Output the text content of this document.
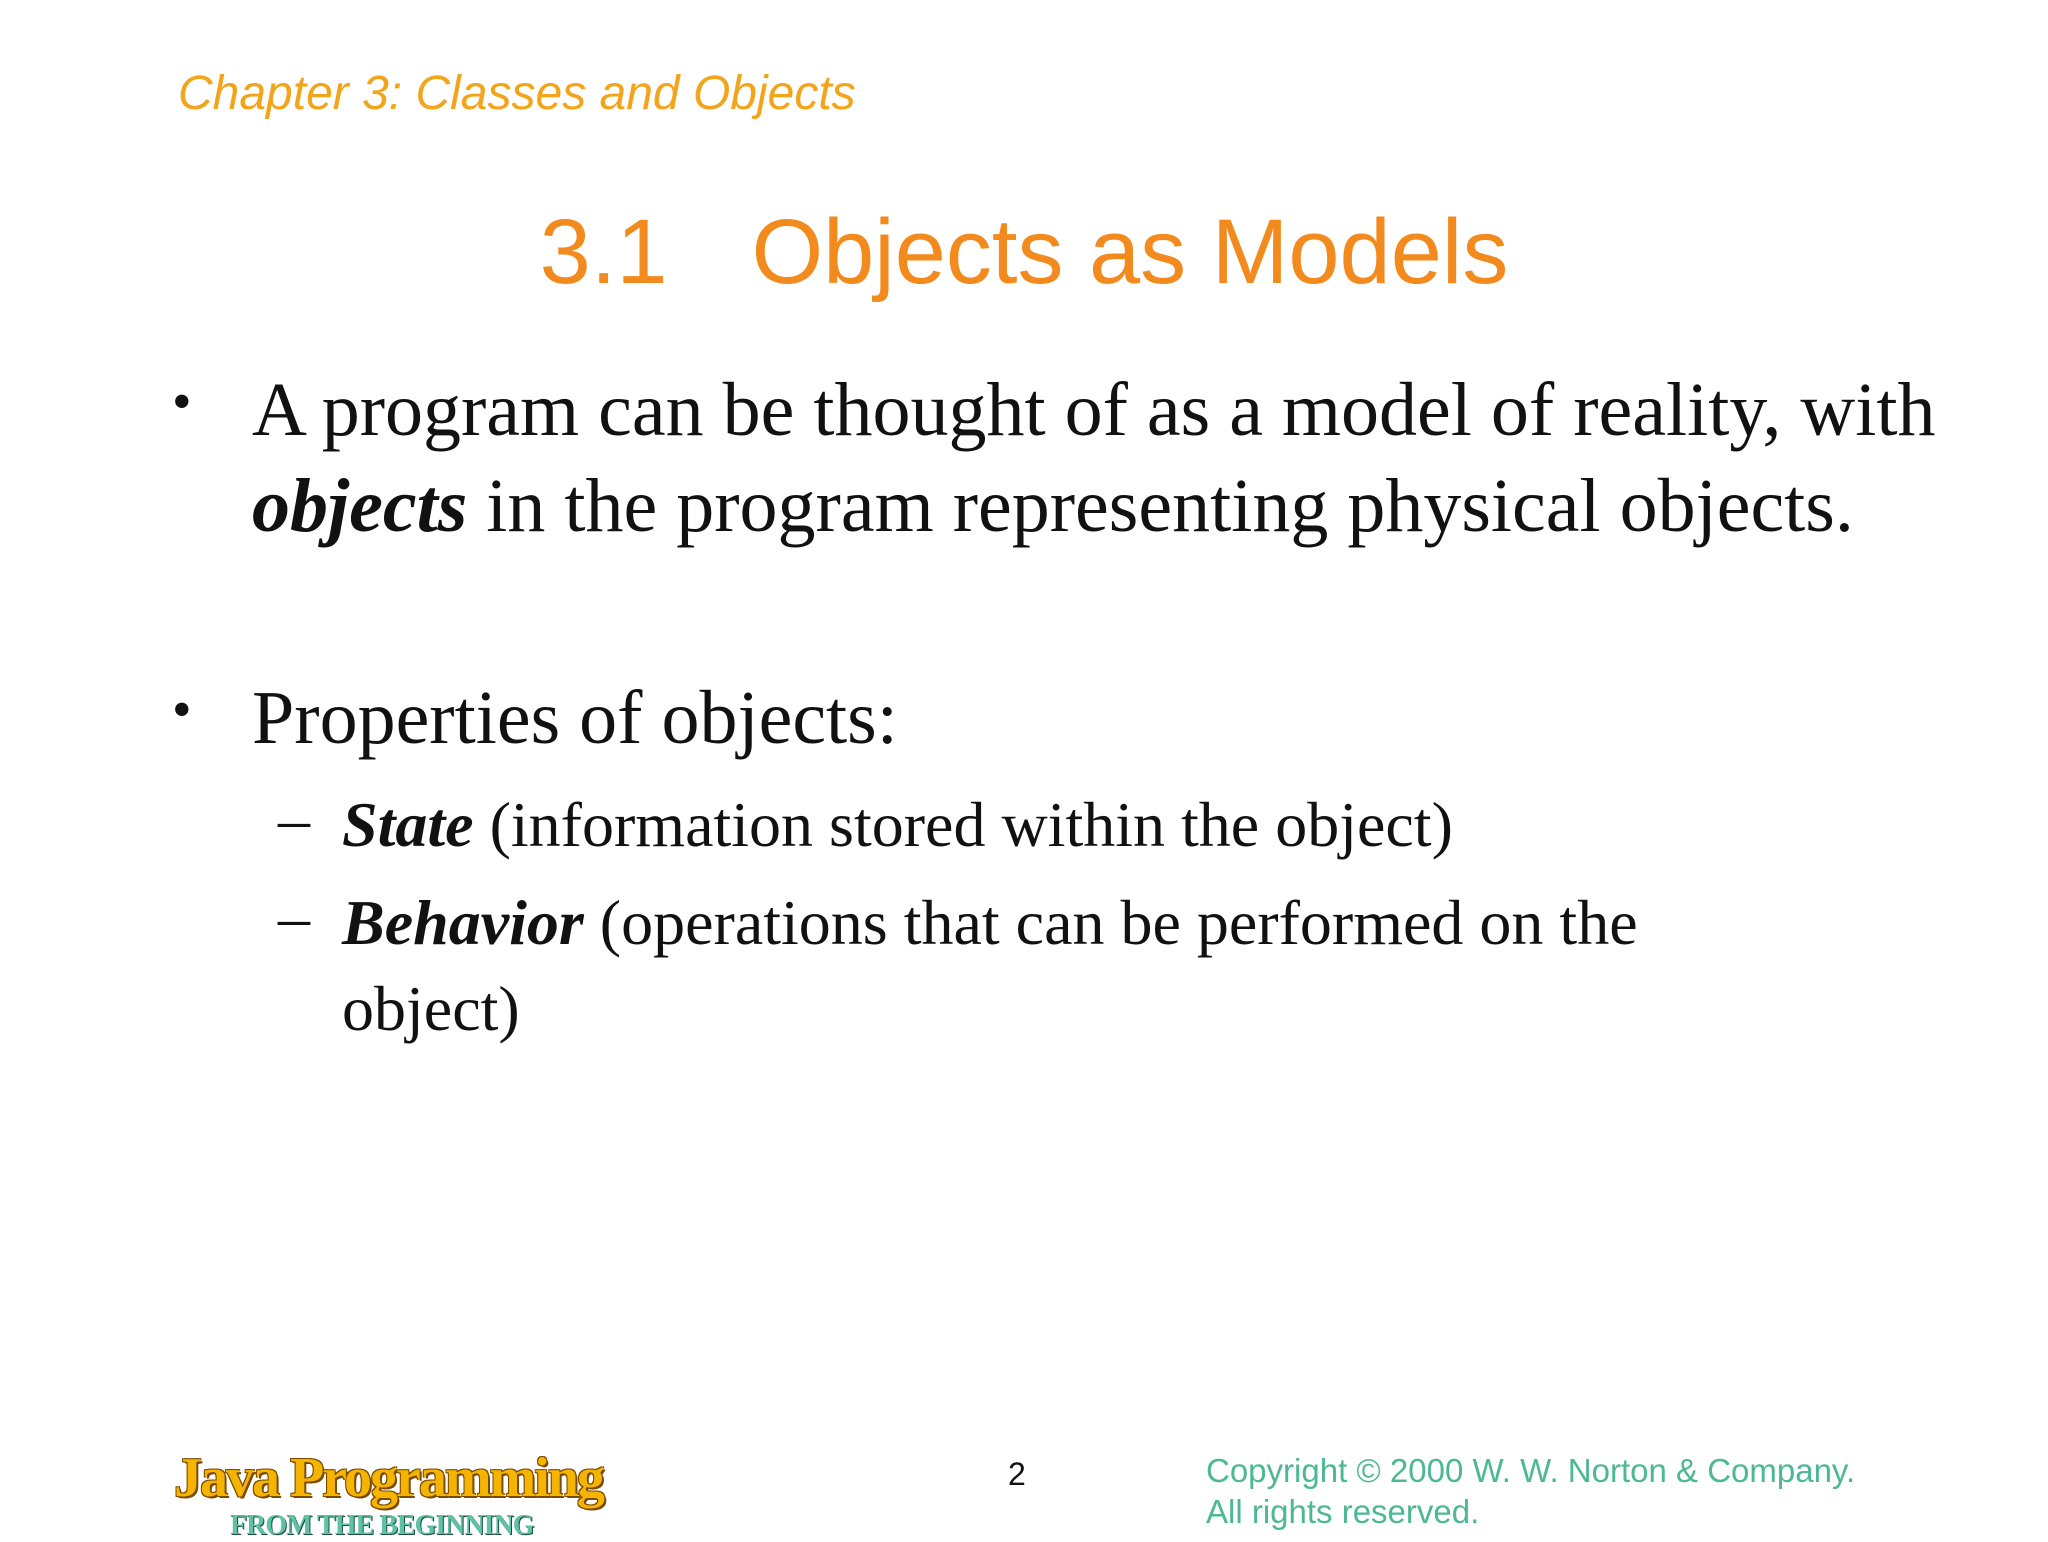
Chapter 3: Classes and Objects
3.1 Objects as Models
• A program can be thought of as a model of reality, with objects in the program representing physical objects.
• Properties of objects:
– State (information stored within the object)
– Behavior (operations that can be performed on the object)
Java Programming
FROM THE BEGINNING
2	Copyright © 2000 W. W. Norton & Company.
All rights reserved.
